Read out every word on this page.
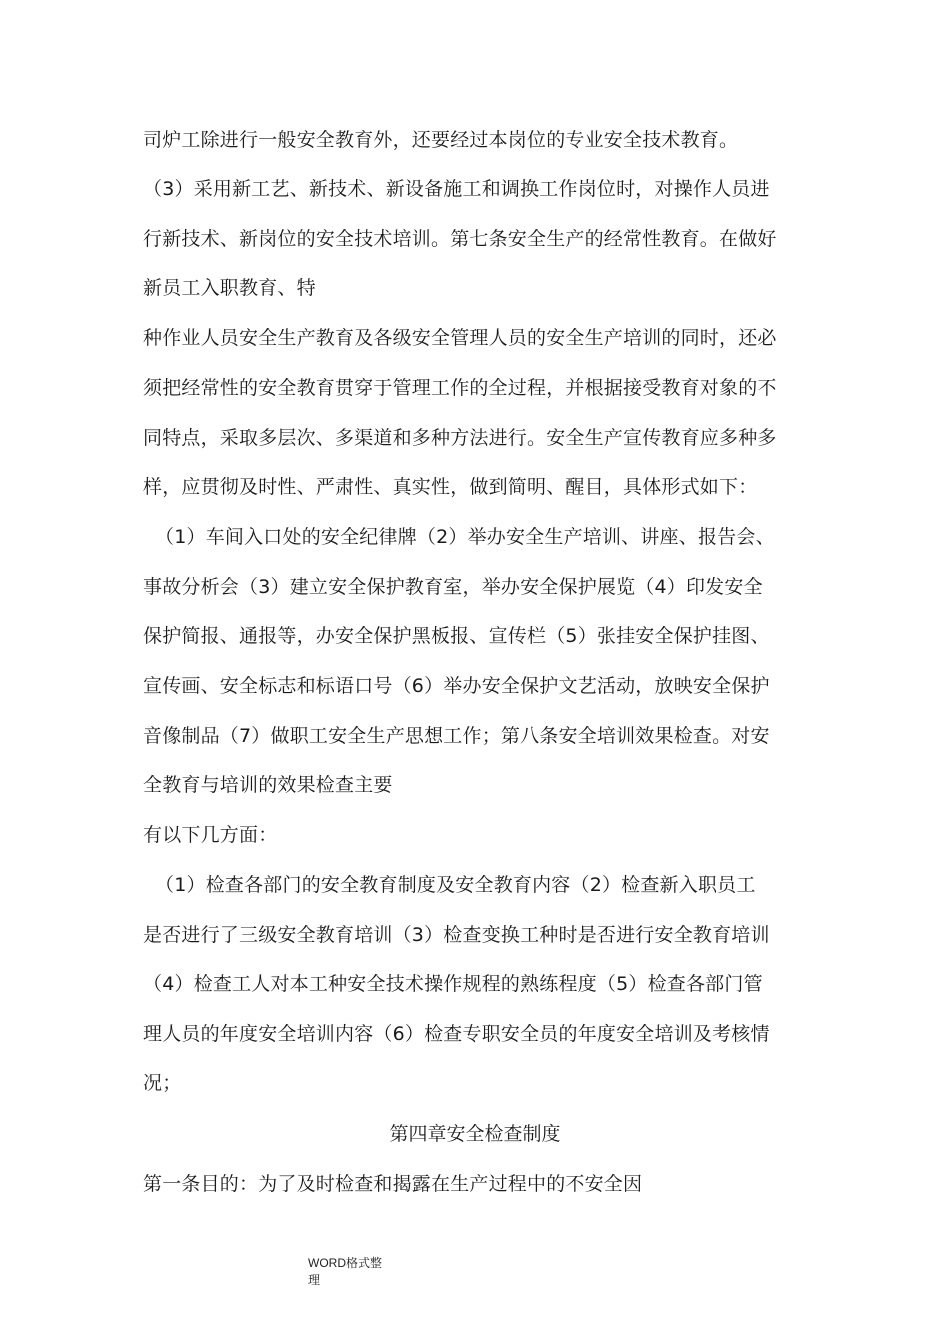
司炉工除进行一般安全教育外，还要经过本岗位的专业安全技术教育。
（3）采用新工艺、新技术、新设备施工和调换工作岗位时，对操作人员进
行新技术、新岗位的安全技术培训。第七条安全生产的经常性教育。在做好
新员工入职教育、特
种作业人员安全生产教育及各级安全管理人员的安全生产培训的同时，还必
须把经常性的安全教育贯穿于管理工作的全过程，并根据接受教育对象的不
同特点，采取多层次、多渠道和多种方法进行。安全生产宣传教育应多种多
样，应贯彻及时性、严肃性、真实性，做到简明、醒目，具体形式如下：
（1）车间入口处的安全纪律牌（2）举办安全生产培训、讲座、报告会、
事故分析会（3）建立安全保护教育室，举办安全保护展览（4）印发安全
保护简报、通报等，办安全保护黑板报、宣传栏（5）张挂安全保护挂图、
宣传画、安全标志和标语口号（6）举办安全保护文艺活动，放映安全保护
音像制品（7）做职工安全生产思想工作；第八条安全培训效果检查。对安
全教育与培训的效果检查主要
有以下几方面：
（1）检查各部门的安全教育制度及安全教育内容（2）检查新入职员工
是否进行了三级安全教育培训（3）检查变换工种时是否进行安全教育培训
（4）检查工人对本工种安全技术操作规程的熟练程度（5）检查各部门管
理人员的年度安全培训内容（6）检查专职安全员的年度安全培训及考核情
况；
第四章安全检查制度
第一条目的：为了及时检查和揭露在生产过程中的不安全因
WORD格式整
理
